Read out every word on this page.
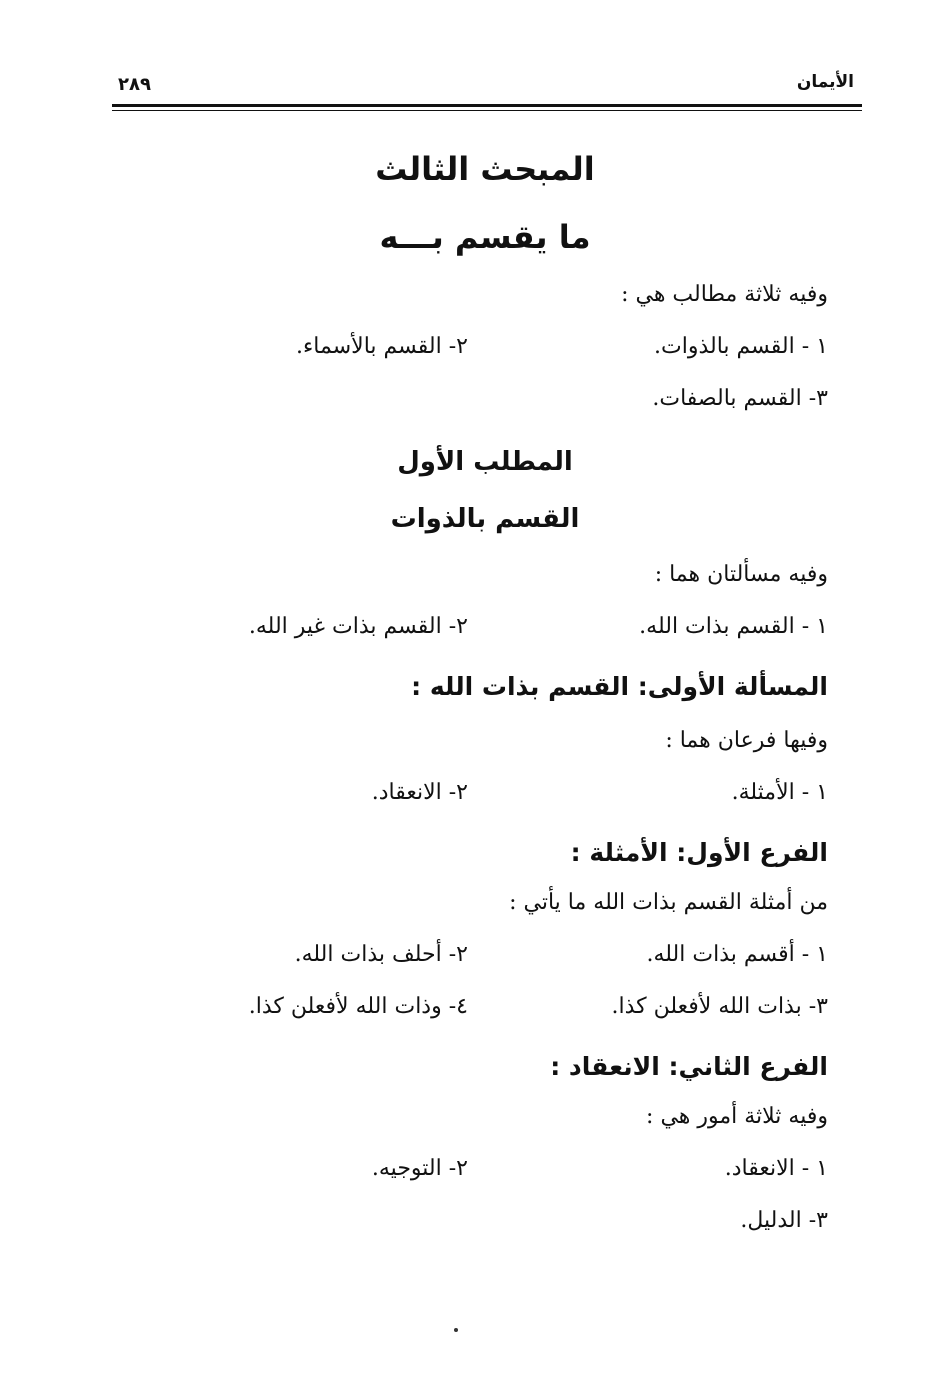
الأيمان
٢٨٩
المبحث الثالث
ما يقسم بـــه
وفيه ثلاثة مطالب هي :
١ - القسم بالذوات.
٢- القسم بالأسماء.
٣- القسم بالصفات.
المطلب الأول
القسم بالذوات
وفيه مسألتان هما :
١ - القسم بذات الله.
٢- القسم بذات غير الله.
المسألة الأولى: القسم بذات الله :
وفيها فرعان هما :
١ - الأمثلة.
٢- الانعقاد.
الفرع الأول: الأمثلة :
من أمثلة القسم بذات الله ما يأتي :
١ - أقسم بذات الله.
٢- أحلف بذات الله.
٣- بذات الله لأفعلن كذا.
٤- وذات الله لأفعلن كذا.
الفرع الثاني: الانعقاد :
وفيه ثلاثة أمور هي :
١ - الانعقاد.
٢- التوجيه.
٣- الدليل.
